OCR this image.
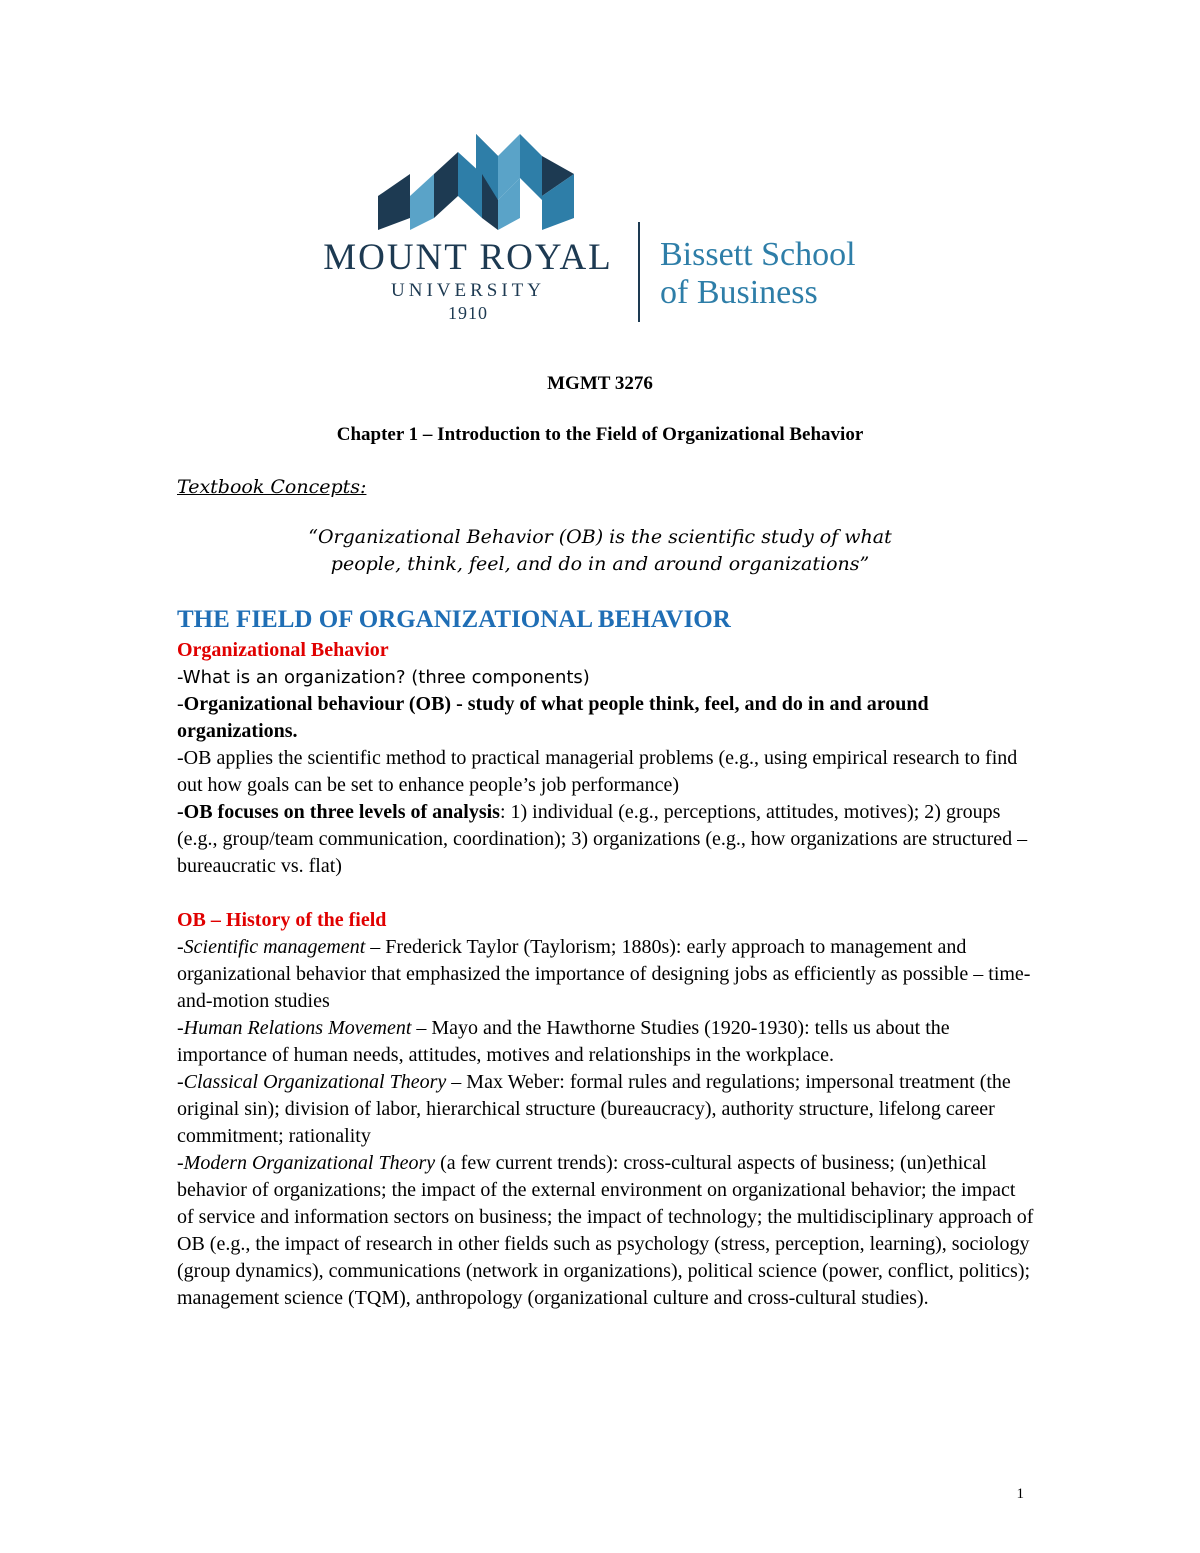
MOUNT ROYAL
UNIVERSITY
1910
Bissett School
of Business
MGMT 3276
Chapter 1 – Introduction to the Field of Organizational Behavior
Textbook Concepts:
“Organizational Behavior (OB) is the scientific study of what
people, think, feel, and do in and around organizations”
THE FIELD OF ORGANIZATIONAL BEHAVIOR
Organizational Behavior

-What is an organization? (three components)

-Organizational behaviour (OB) - study of what people think, feel, and do in and around organizations.

-OB applies the scientific method to practical managerial problems (e.g., using empirical research to find out how goals can be set to enhance people’s job performance)

-OB focuses on three levels of analysis: 1) individual (e.g., perceptions, attitudes, motives); 2) groups (e.g., group/team communication, coordination); 3) organizations (e.g., how organizations are structured – bureaucratic vs. flat)

OB – History of the field

-Scientific management – Frederick Taylor (Taylorism; 1880s): early approach to management and organizational behavior that emphasized the importance of designing jobs as efficiently as possible – time-and-motion studies

-Human Relations Movement – Mayo and the Hawthorne Studies (1920-1930): tells us about the importance of human needs, attitudes, motives and relationships in the workplace.

-Classical Organizational Theory – Max Weber: formal rules and regulations; impersonal treatment (the original sin); division of labor, hierarchical structure (bureaucracy), authority structure, lifelong career commitment; rationality

-Modern Organizational Theory (a few current trends): cross-cultural aspects of business; (un)ethical behavior of organizations; the impact of the external environment on organizational behavior; the impact of service and information sectors on business; the impact of technology; the multidisciplinary approach of OB (e.g., the impact of research in other fields such as psychology (stress, perception, learning), sociology (group dynamics), communications (network in organizations), political science (power, conflict, politics); management science (TQM), anthropology (organizational culture and cross-cultural studies).

1
